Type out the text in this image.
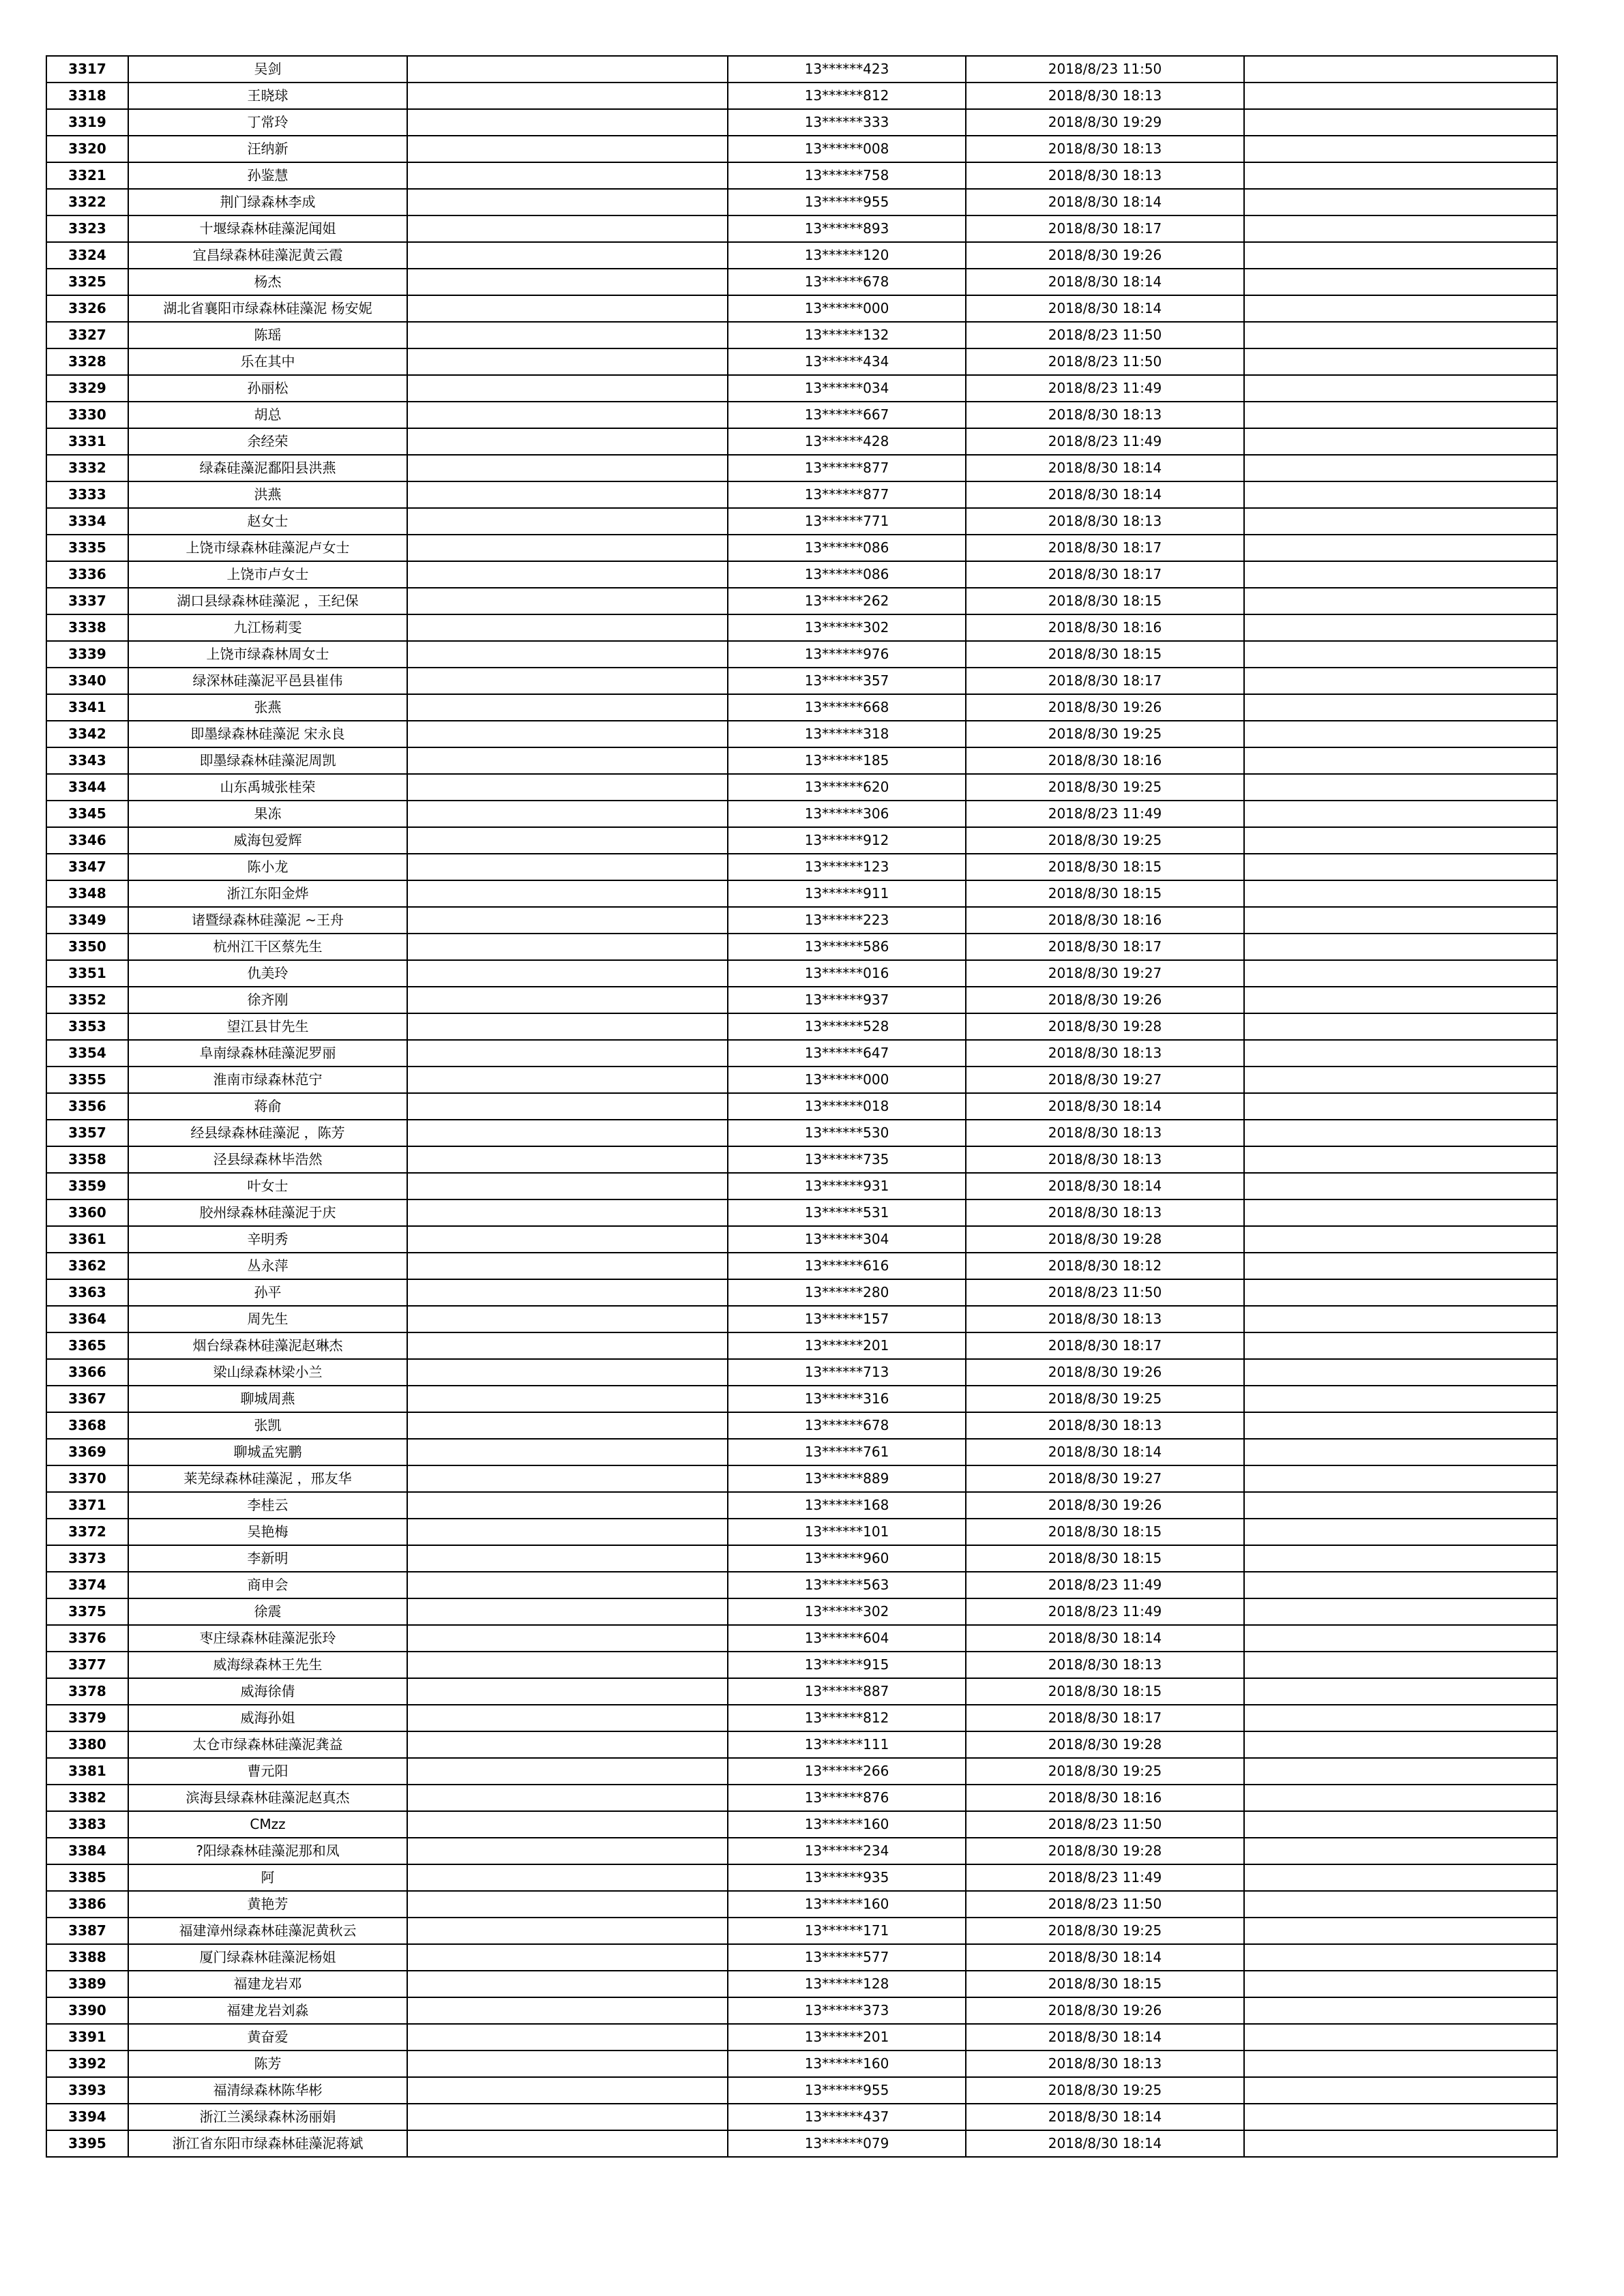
3317	吴剑		13******423	2018/8/23 11:50	
3318	王晓球		13******812	2018/8/30 18:13	
3319	丁常玲		13******333	2018/8/30 19:29	
3320	汪纳新		13******008	2018/8/30 18:13	
3321	孙鉴慧		13******758	2018/8/30 18:13	
3322	荆门绿森林李成		13******955	2018/8/30 18:14	
3323	十堰绿森林硅藻泥闻姐		13******893	2018/8/30 18:17	
3324	宜昌绿森林硅藻泥黄云霞		13******120	2018/8/30 19:26	
3325	杨杰		13******678	2018/8/30 18:14	
3326	湖北省襄阳市绿森林硅藻泥 杨安妮		13******000	2018/8/30 18:14	
3327	陈瑶		13******132	2018/8/23 11:50	
3328	乐在其中		13******434	2018/8/23 11:50	
3329	孙丽松		13******034	2018/8/23 11:49	
3330	胡总		13******667	2018/8/30 18:13	
3331	余经荣		13******428	2018/8/23 11:49	
3332	绿森硅藻泥鄱阳县洪燕		13******877	2018/8/30 18:14	
3333	洪燕		13******877	2018/8/30 18:14	
3334	赵女士		13******771	2018/8/30 18:13	
3335	上饶市绿森林硅藻泥卢女士		13******086	2018/8/30 18:17	
3336	上饶市卢女士		13******086	2018/8/30 18:17	
3337	湖口县绿森林硅藻泥 ，王纪保		13******262	2018/8/30 18:15	
3338	九江杨莉雯		13******302	2018/8/30 18:16	
3339	上饶市绿森林周女士		13******976	2018/8/30 18:15	
3340	绿深林硅藻泥平邑县崔伟		13******357	2018/8/30 18:17	
3341	张燕		13******668	2018/8/30 19:26	
3342	即墨绿森林硅藻泥 宋永良		13******318	2018/8/30 19:25	
3343	即墨绿森林硅藻泥周凯		13******185	2018/8/30 18:16	
3344	山东禹城张桂荣		13******620	2018/8/30 19:25	
3345	果冻		13******306	2018/8/23 11:49	
3346	威海包爱辉		13******912	2018/8/30 19:25	
3347	陈小龙		13******123	2018/8/30 18:15	
3348	浙江东阳金烨		13******911	2018/8/30 18:15	
3349	诸暨绿森林硅藻泥 ~王舟		13******223	2018/8/30 18:16	
3350	杭州江干区蔡先生		13******586	2018/8/30 18:17	
3351	仇美玲		13******016	2018/8/30 19:27	
3352	徐齐刚		13******937	2018/8/30 19:26	
3353	望江县甘先生		13******528	2018/8/30 19:28	
3354	阜南绿森林硅藻泥罗丽		13******647	2018/8/30 18:13	
3355	淮南市绿森林范宁		13******000	2018/8/30 19:27	
3356	蒋俞		13******018	2018/8/30 18:14	
3357	经县绿森林硅藻泥 ，陈芳		13******530	2018/8/30 18:13	
3358	泾县绿森林毕浩然		13******735	2018/8/30 18:13	
3359	叶女士		13******931	2018/8/30 18:14	
3360	胶州绿森林硅藻泥于庆		13******531	2018/8/30 18:13	
3361	辛明秀		13******304	2018/8/30 19:28	
3362	丛永萍		13******616	2018/8/30 18:12	
3363	孙平		13******280	2018/8/23 11:50	
3364	周先生		13******157	2018/8/30 18:13	
3365	烟台绿森林硅藻泥赵琳杰		13******201	2018/8/30 18:17	
3366	梁山绿森林梁小兰		13******713	2018/8/30 19:26	
3367	聊城周燕		13******316	2018/8/30 19:25	
3368	张凯		13******678	2018/8/30 18:13	
3369	聊城孟宪鹏		13******761	2018/8/30 18:14	
3370	莱芜绿森林硅藻泥 ，邢友华		13******889	2018/8/30 19:27	
3371	李桂云		13******168	2018/8/30 19:26	
3372	吴艳梅		13******101	2018/8/30 18:15	
3373	李新明		13******960	2018/8/30 18:15	
3374	商申会		13******563	2018/8/23 11:49	
3375	徐震		13******302	2018/8/23 11:49	
3376	枣庄绿森林硅藻泥张玲		13******604	2018/8/30 18:14	
3377	威海绿森林王先生		13******915	2018/8/30 18:13	
3378	威海徐倩		13******887	2018/8/30 18:15	
3379	威海孙姐		13******812	2018/8/30 18:17	
3380	太仓市绿森林硅藻泥龚益		13******111	2018/8/30 19:28	
3381	曹元阳		13******266	2018/8/30 19:25	
3382	滨海县绿森林硅藻泥赵真杰		13******876	2018/8/30 18:16	
3383	CMzz		13******160	2018/8/23 11:50	
3384	?阳绿森林硅藻泥那和凤		13******234	2018/8/30 19:28	
3385	阿		13******935	2018/8/23 11:49	
3386	黄艳芳		13******160	2018/8/23 11:50	
3387	福建漳州绿森林硅藻泥黄秋云		13******171	2018/8/30 19:25	
3388	厦门绿森林硅藻泥杨姐		13******577	2018/8/30 18:14	
3389	福建龙岩邓		13******128	2018/8/30 18:15	
3390	福建龙岩刘淼		13******373	2018/8/30 19:26	
3391	黄奋爱		13******201	2018/8/30 18:14	
3392	陈芳		13******160	2018/8/30 18:13	
3393	福清绿森林陈华彬		13******955	2018/8/30 19:25	
3394	浙江兰溪绿森林汤丽娟		13******437	2018/8/30 18:14	
3395	浙江省东阳市绿森林硅藻泥蒋斌		13******079	2018/8/30 18:14	
